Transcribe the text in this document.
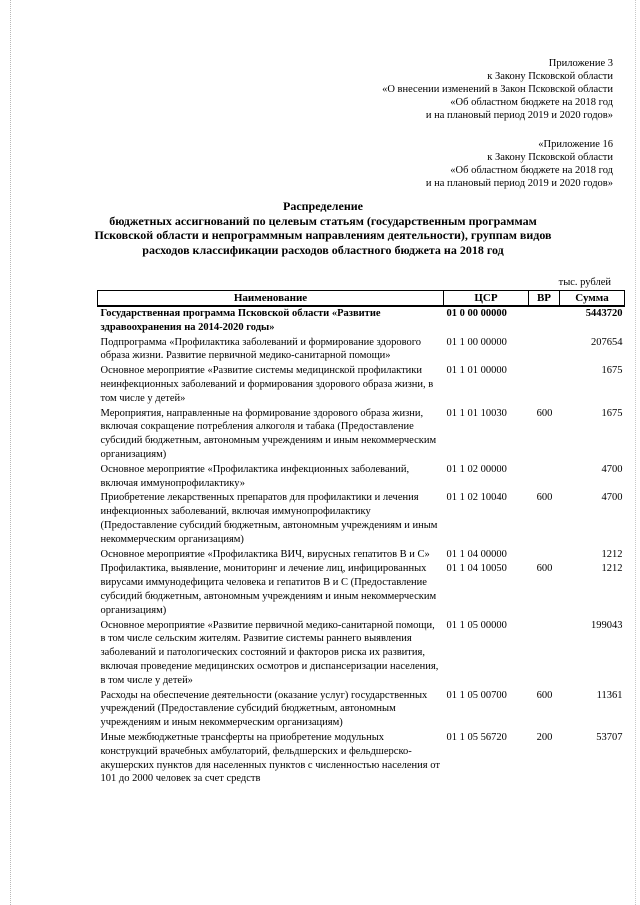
Приложение 3
к Закону Псковской области
«О внесении изменений в Закон Псковской области
«Об областном бюджете на 2018 год
и на плановый период 2019 и 2020 годов»
«Приложение 16
к Закону Псковской области
«Об областном бюджете на 2018 год
и на плановый период 2019 и 2020 годов»
Распределение
бюджетных ассигнований по целевым статьям (государственным программам
Псковской области и непрограммным направлениям деятельности), группам видов
расходов классификации расходов областного бюджета на 2018 год
тыс. рублей
Наименование	ЦСР	ВР	Сумма
Государственная программа Псковской области «Развитие здравоохранения на 2014-2020 годы»	01 0 00 00000		5443720
Подпрограмма «Профилактика заболеваний и формирование здорового образа жизни. Развитие первичной медико-санитарной помощи»	01 1 00 00000		207654
Основное мероприятие «Развитие системы медицинской профилактики неинфекционных заболеваний и формирования здорового образа жизни, в том числе у детей»	01 1 01 00000		1675
Мероприятия, направленные на формирование здорового образа жизни, включая сокращение потребления алкоголя и табака (Предоставление субсидий бюджетным, автономным учреждениям и иным некоммерческим организациям)	01 1 01 10030	600	1675
Основное мероприятие «Профилактика инфекционных заболеваний, включая иммунопрофилактику»	01 1 02 00000		4700
Приобретение лекарственных препаратов для профилактики и лечения инфекционных заболеваний, включая иммунопрофилактику (Предоставление субсидий бюджетным, автономным учреждениям и иным некоммерческим организациям)	01 1 02 10040	600	4700
Основное мероприятие «Профилактика ВИЧ, вирусных гепатитов В и С»	01 1 04 00000		1212
Профилактика, выявление, мониторинг и лечение лиц, инфицированных вирусами иммунодефицита человека и гепатитов В и С (Предоставление субсидий бюджетным, автономным учреждениям и иным некоммерческим организациям)	01 1 04 10050	600	1212
Основное мероприятие «Развитие первичной медико-санитарной помощи, в том числе сельским жителям. Развитие системы раннего выявления заболеваний и патологических состояний и факторов риска их развития, включая проведение медицинских осмотров и диспансеризации населения, в том числе у детей»	01 1 05 00000		199043
Расходы на обеспечение деятельности (оказание услуг) государственных учреждений (Предоставление субсидий бюджетным, автономным учреждениям и иным некоммерческим организациям)	01 1 05 00700	600	11361
Иные межбюджетные трансферты на приобретение модульных конструкций врачебных амбулаторий, фельдшерских и фельдшерско-акушерских пунктов для населенных пунктов с численностью населения от 101 до 2000 человек за счет средств	01 1 05 56720	200	53707
